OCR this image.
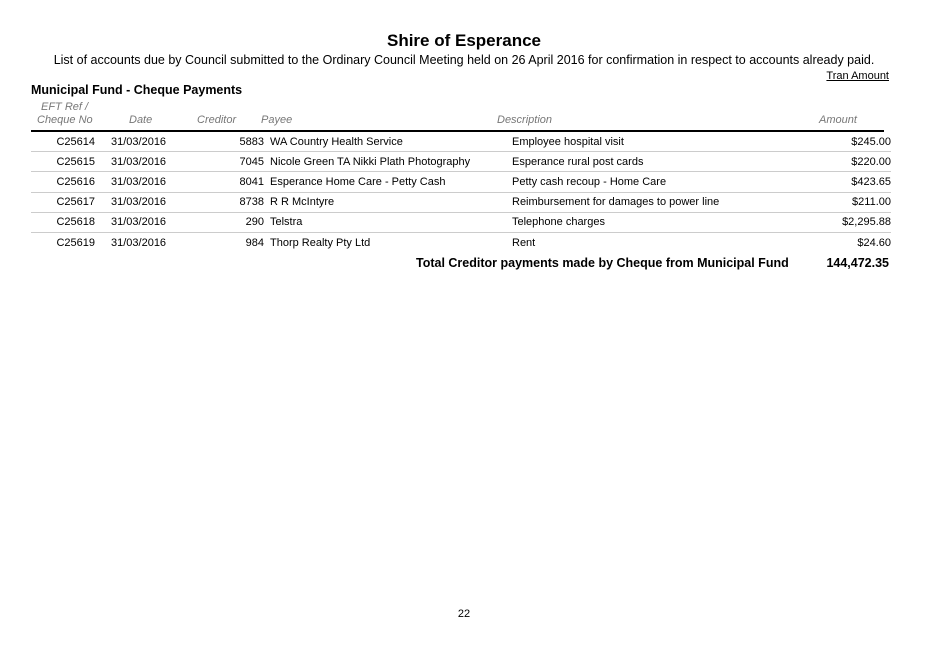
Shire of Esperance
List of accounts due by Council submitted to the Ordinary Council Meeting held on 26 April 2016 for confirmation in respect to accounts already paid.
Tran Amount
Municipal Fund - Cheque Payments
EFT Ref /
Cheque No	Date	Creditor Payee	Description	Amount
C25614	31/03/2016	5883	WA Country Health Service	Employee hospital visit	$245.00
C25615	31/03/2016	7045	Nicole Green TA Nikki Plath Photography	Esperance rural post cards	$220.00
C25616	31/03/2016	8041	Esperance Home Care - Petty Cash	Petty cash recoup - Home Care	$423.65
C25617	31/03/2016	8738	R R McIntyre	Reimbursement for damages to power line	$211.00
C25618	31/03/2016	290	Telstra	Telephone charges	$2,295.88
C25619	31/03/2016	984	Thorp Realty Pty Ltd	Rent	$24.60
Total Creditor payments made by Cheque from Municipal Fund	144,472.35
22
